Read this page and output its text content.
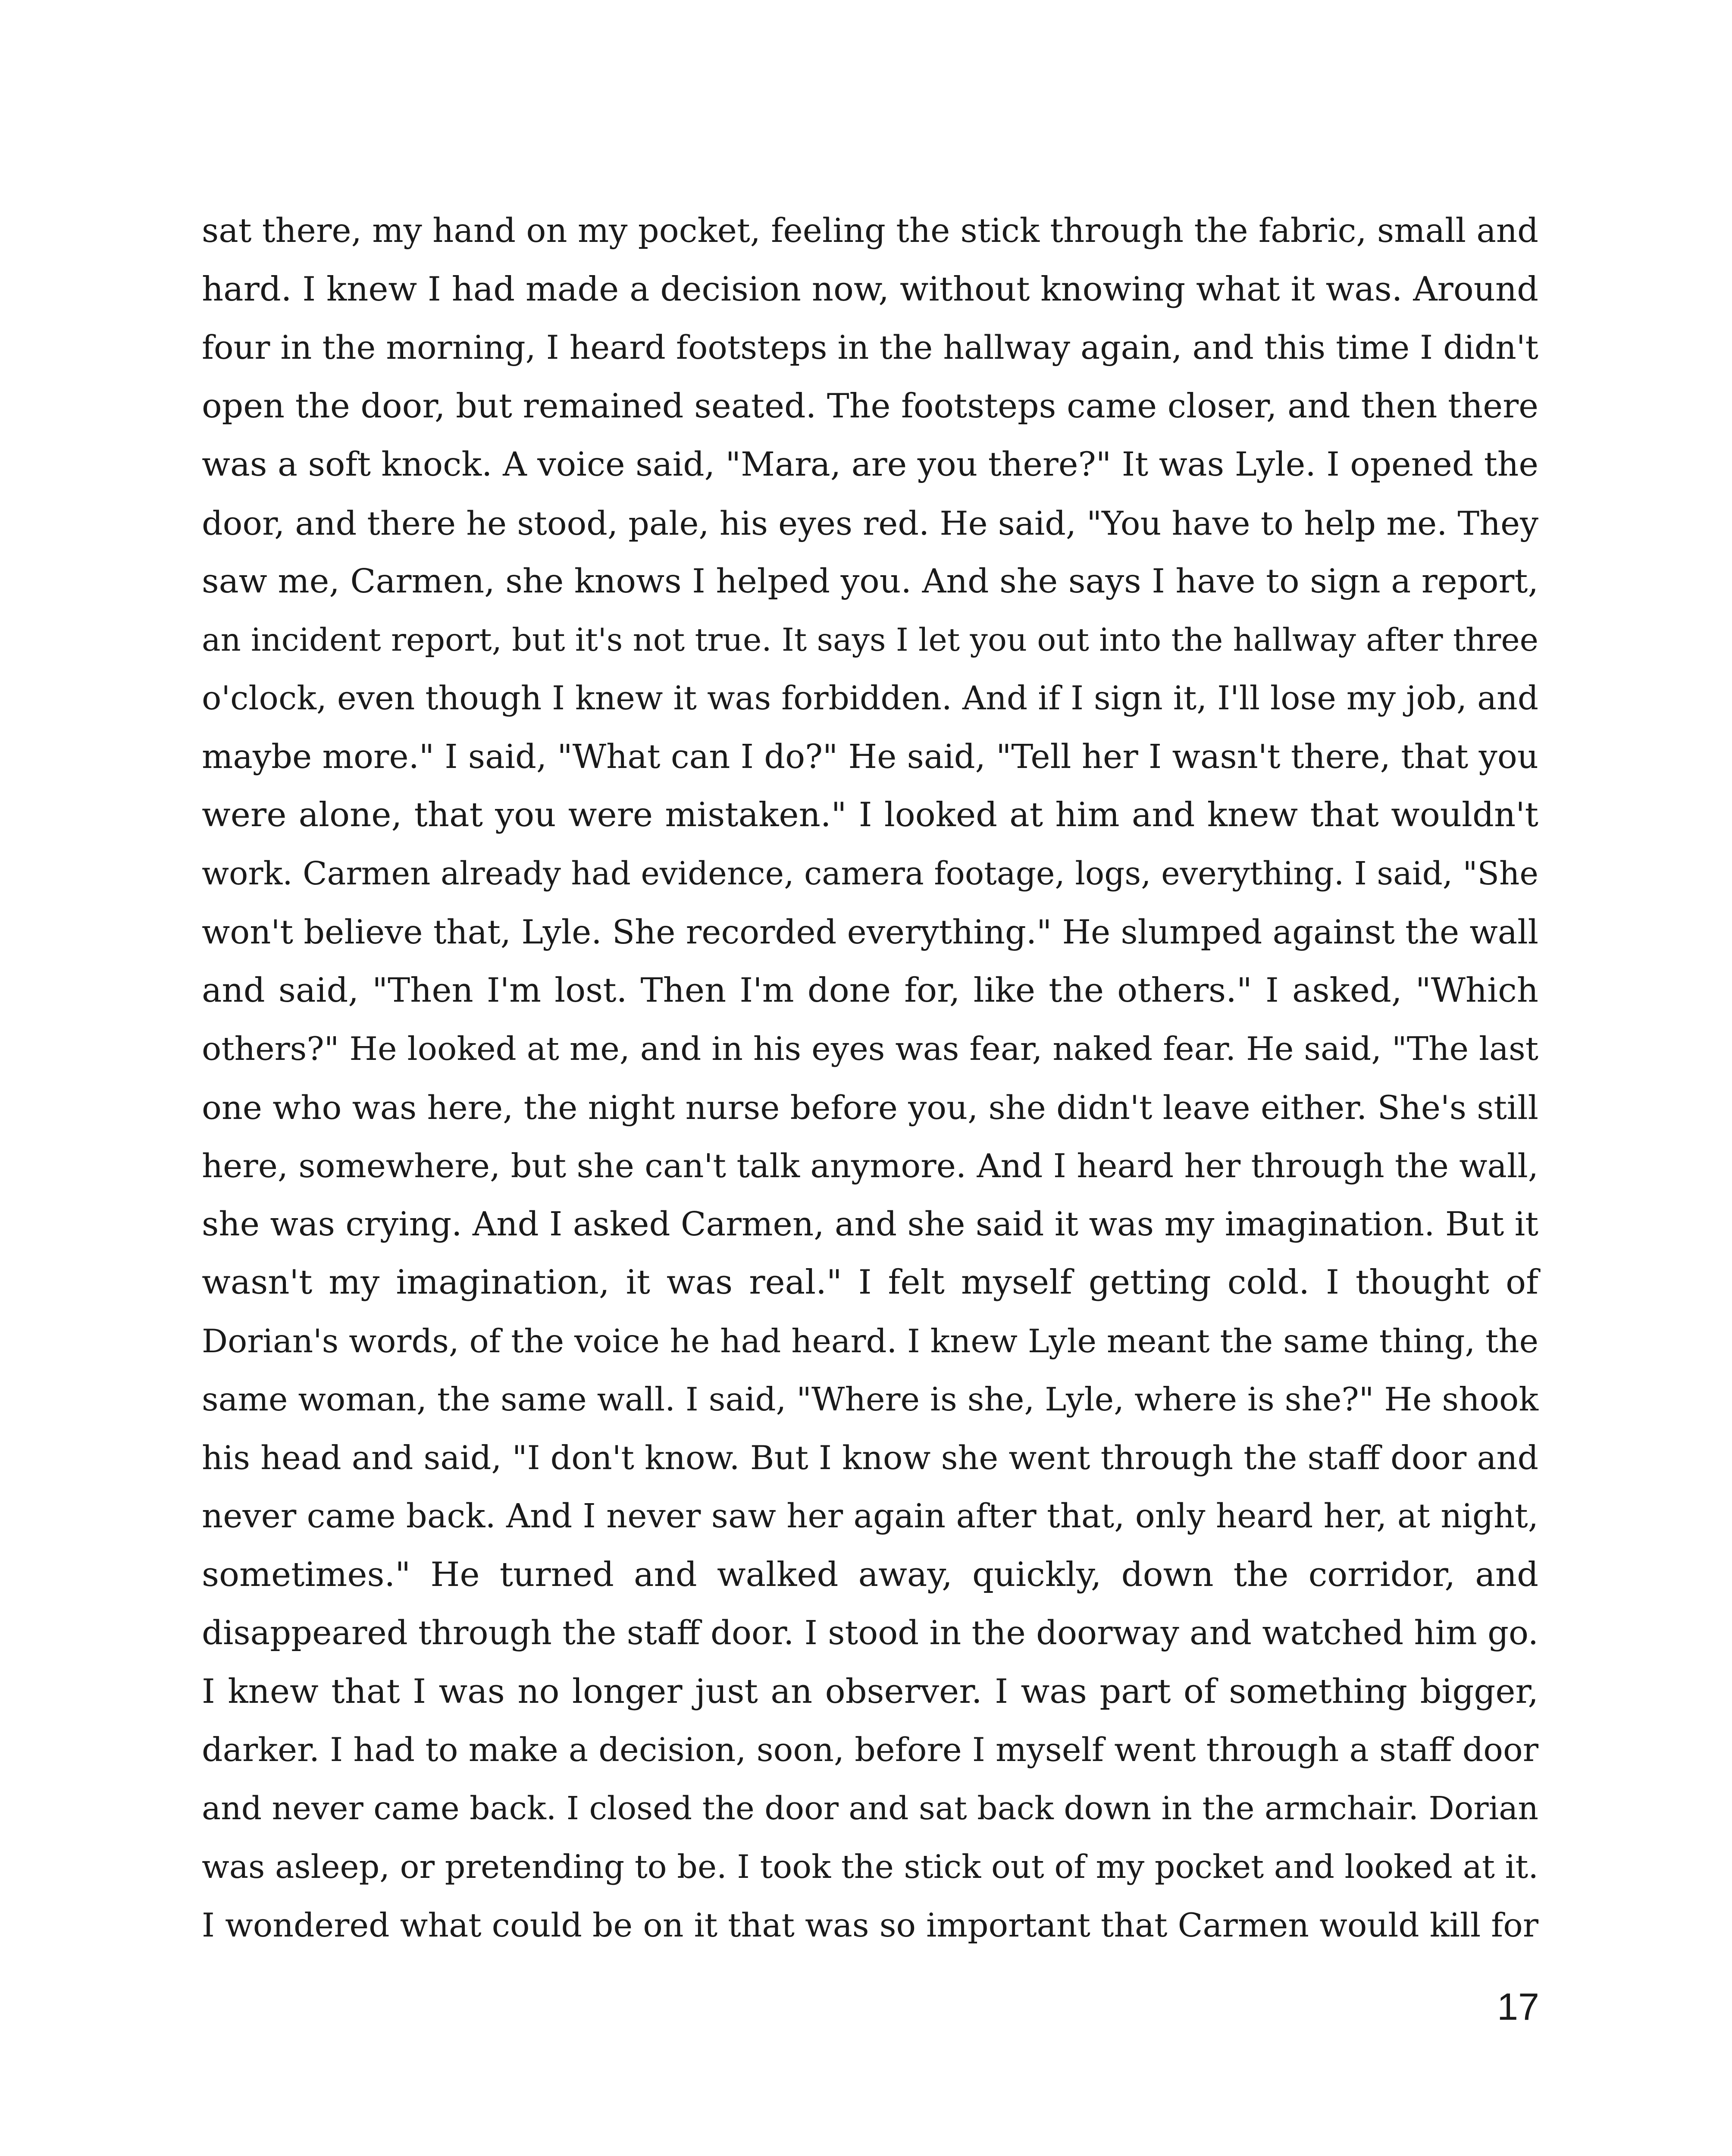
sat there, my hand on my pocket, feeling the stick through the fabric, small and
hard. I knew I had made a decision now, without knowing what it was. Around
four in the morning, I heard footsteps in the hallway again, and this time I didn't
open the door, but remained seated. The footsteps came closer, and then there
was a soft knock. A voice said, "Mara, are you there?" It was Lyle. I opened the
door, and there he stood, pale, his eyes red. He said, "You have to help me. They
saw me, Carmen, she knows I helped you. And she says I have to sign a report,
an incident report, but it's not true. It says I let you out into the hallway after three
o'clock, even though I knew it was forbidden. And if I sign it, I'll lose my job, and
maybe more." I said, "What can I do?" He said, "Tell her I wasn't there, that you
were alone, that you were mistaken." I looked at him and knew that wouldn't
work. Carmen already had evidence, camera footage, logs, everything. I said, "She
won't believe that, Lyle. She recorded everything." He slumped against the wall
and said, "Then I'm lost. Then I'm done for, like the others." I asked, "Which
others?" He looked at me, and in his eyes was fear, naked fear. He said, "The last
one who was here, the night nurse before you, she didn't leave either. She's still
here, somewhere, but she can't talk anymore. And I heard her through the wall,
she was crying. And I asked Carmen, and she said it was my imagination. But it
wasn't my imagination, it was real." I felt myself getting cold. I thought of
Dorian's words, of the voice he had heard. I knew Lyle meant the same thing, the
same woman, the same wall. I said, "Where is she, Lyle, where is she?" He shook
his head and said, "I don't know. But I know she went through the staff door and
never came back. And I never saw her again after that, only heard her, at night,
sometimes." He turned and walked away, quickly, down the corridor, and
disappeared through the staff door. I stood in the doorway and watched him go.
I knew that I was no longer just an observer. I was part of something bigger,
darker. I had to make a decision, soon, before I myself went through a staff door
and never came back. I closed the door and sat back down in the armchair. Dorian
was asleep, or pretending to be. I took the stick out of my pocket and looked at it.
I wondered what could be on it that was so important that Carmen would kill for
17
